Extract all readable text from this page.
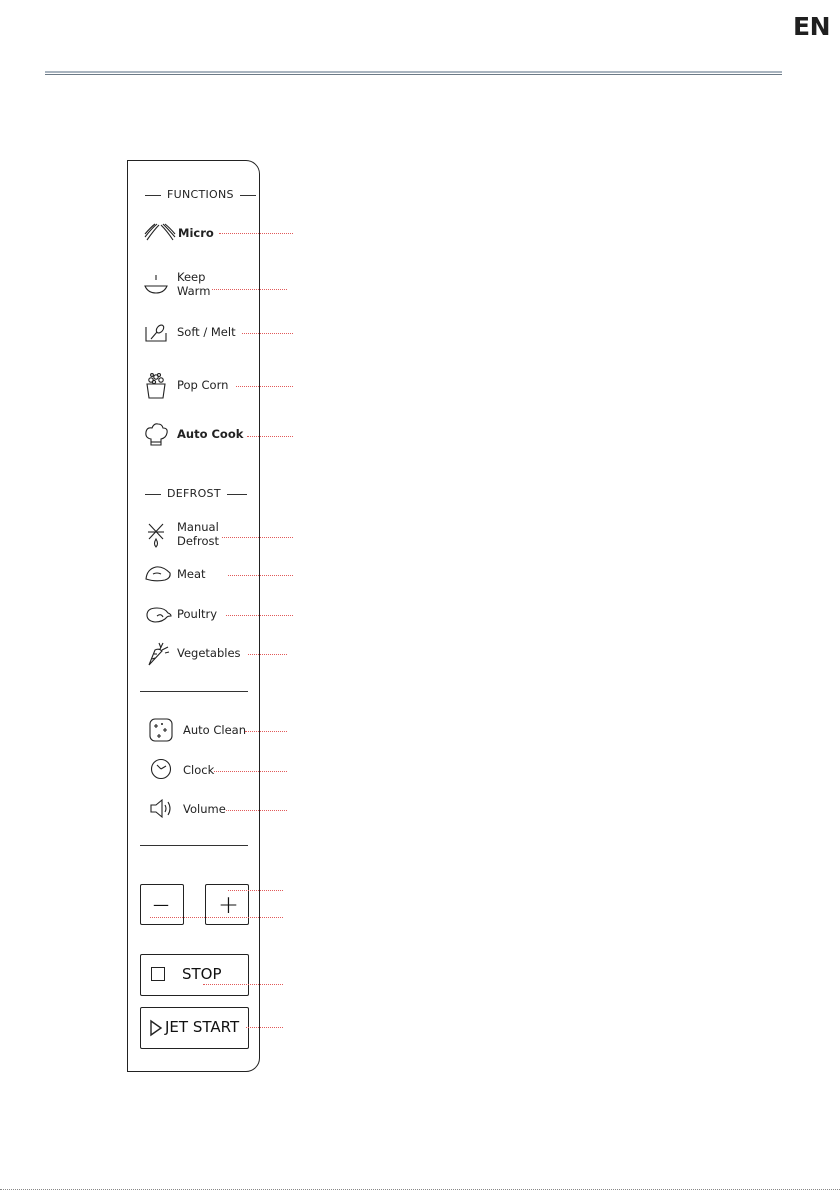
EN
FUNCTIONS
Micro
Keep
Warm
Soft / Melt
Pop Corn
Auto Cook
DEFROST
Manual
Defrost
Meat
Poultry
Vegetables
Auto Clean
Clock
Volume
— +
STOP
JET START
